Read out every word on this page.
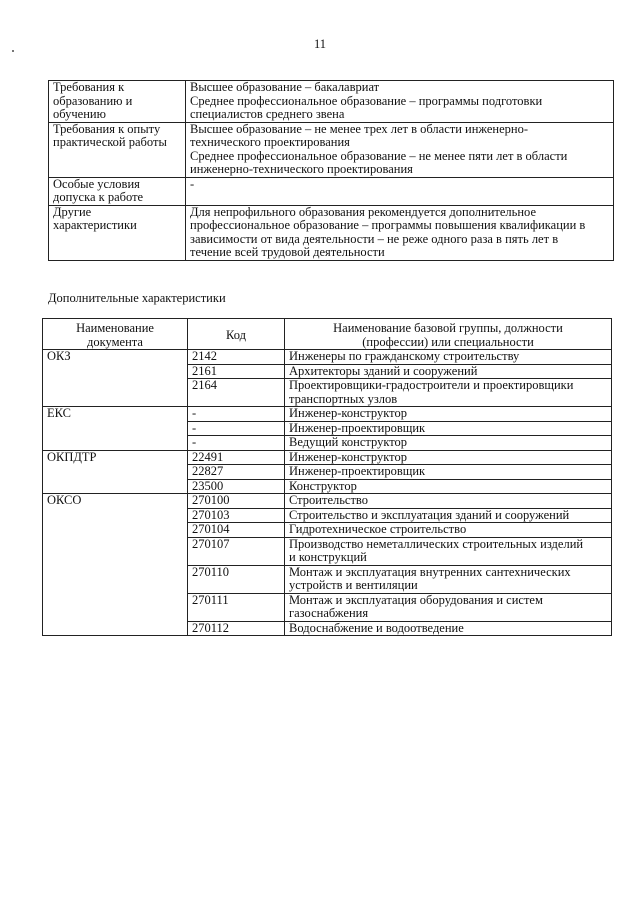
11
Требования к
образованию и
обучению	Высшее образование – бакалавриат
Среднее профессиональное образование – программы подготовки
специалистов среднего звена

Требования к опыту
практической работы	Высшее образование – не менее трех лет в области инженерно-
технического проектирования
Среднее профессиональное образование – не менее пяти лет в области
инженерно-технического проектирования

Особые условия
допуска к работе	-

Другие
характеристики	Для непрофильного образования рекомендуется дополнительное
профессиональное образование – программы повышения квалификации в
зависимости от вида деятельности – не реже одного раза в пять лет в
течение всей трудовой деятельности
Дополнительные характеристики
Наименование
документа	Код	Наименование базовой группы, должности
(профессии) или специальности
ОКЗ	2142	Инженеры по гражданскому строительству

	2161	Архитекторы зданий и сооружений

	2164	Проектировщики-градостроители и проектировщики
транспортных узлов

ЕКС	-	Инженер-конструктор

	-	Инженер-проектировщик

	-	Ведущий конструктор

ОКПДТР	22491	Инженер-конструктор

	22827	Инженер-проектировщик

	23500	Конструктор

ОКСО	270100	Строительство

	270103	Строительство и эксплуатация зданий и сооружений

	270104	Гидротехническое строительство

	270107	Производство неметаллических строительных изделий
и конструкций

	270110	Монтаж и эксплуатация внутренних сантехнических
устройств и вентиляции

	270111	Монтаж и эксплуатация оборудования и систем
газоснабжения

	270112	Водоснабжение и водоотведение
